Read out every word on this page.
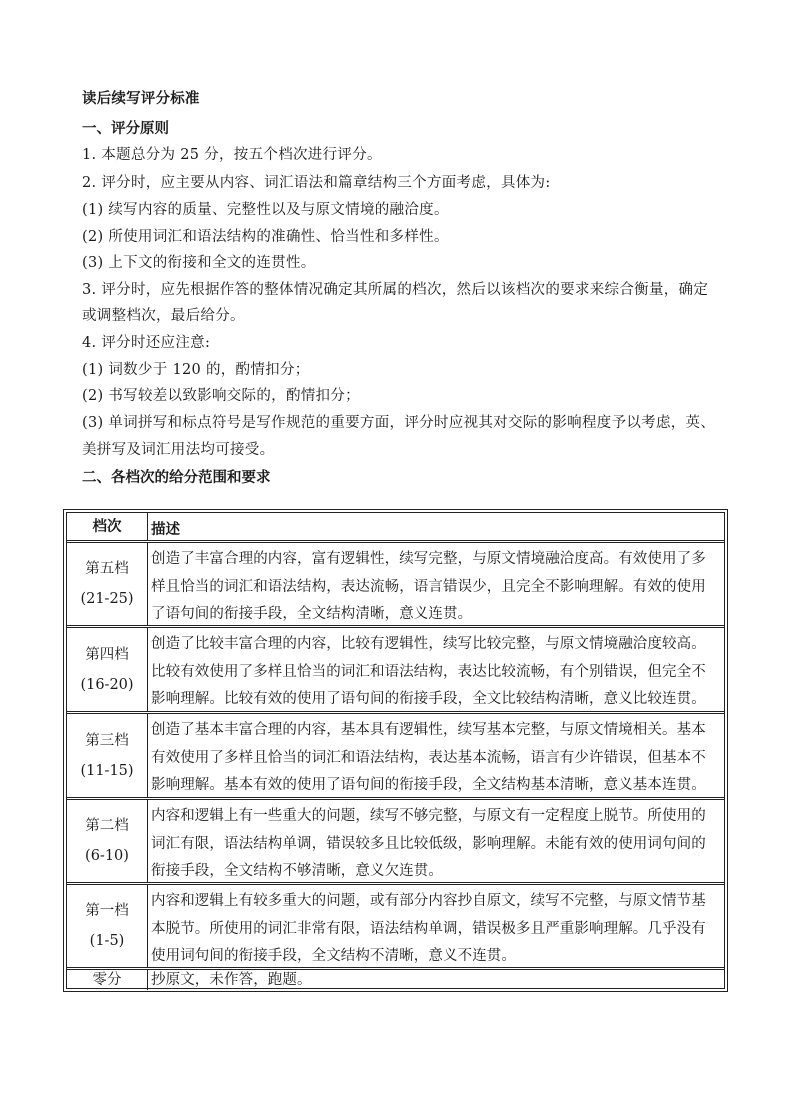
读后续写评分标准
一、评分原则
1. 本题总分为 25 分，按五个档次进行评分。
2. 评分时，应主要从内容、词汇语法和篇章结构三个方面考虑，具体为:
(1) 续写内容的质量、完整性以及与原文情境的融洽度。
(2) 所使用词汇和语法结构的准确性、恰当性和多样性。
(3) 上下文的衔接和全文的连贯性。
3. 评分时，应先根据作答的整体情况确定其所属的档次，然后以该档次的要求来综合衡量，确定
或调整档次，最后给分。
4. 评分时还应注意:
(1) 词数少于 120 的，酌情扣分；
(2) 书写较差以致影响交际的，酌情扣分；
(3) 单词拼写和标点符号是写作规范的重要方面，评分时应视其对交际的影响程度予以考虑，英、
美拼写及词汇用法均可接受。
二、各档次的给分范围和要求
档次	描述
第五档
(21-25)
创造了丰富合理的内容，富有逻辑性，续写完整，与原文情境融洽度高。有效使用了多
样且恰当的词汇和语法结构，表达流畅，语言错误少，且完全不影响理解。有效的使用
了语句间的衔接手段，全文结构清晰，意义连贯。
第四档
(16-20)
创造了比较丰富合理的内容，比较有逻辑性，续写比较完整，与原文情境融洽度较高。
比较有效使用了多样且恰当的词汇和语法结构，表达比较流畅，有个别错误，但完全不
影响理解。比较有效的使用了语句间的衔接手段，全文比较结构清晰，意义比较连贯。
第三档
(11-15)
创造了基本丰富合理的内容，基本具有逻辑性，续写基本完整，与原文情境相关。基本
有效使用了多样且恰当的词汇和语法结构，表达基本流畅，语言有少许错误，但基本不
影响理解。基本有效的使用了语句间的衔接手段，全文结构基本清晰，意义基本连贯。
第二档
(6-10)
内容和逻辑上有一些重大的问题，续写不够完整，与原文有一定程度上脱节。所使用的
词汇有限，语法结构单调，错误较多且比较低级，影响理解。未能有效的使用词句间的
衔接手段，全文结构不够清晰，意义欠连贯。
第一档
(1-5)
内容和逻辑上有较多重大的问题，或有部分内容抄自原文，续写不完整，与原文情节基
本脱节。所使用的词汇非常有限，语法结构单调，错误极多且严重影响理解。几乎没有
使用词句间的衔接手段，全文结构不清晰，意义不连贯。
零分 抄原文，未作答，跑题。
